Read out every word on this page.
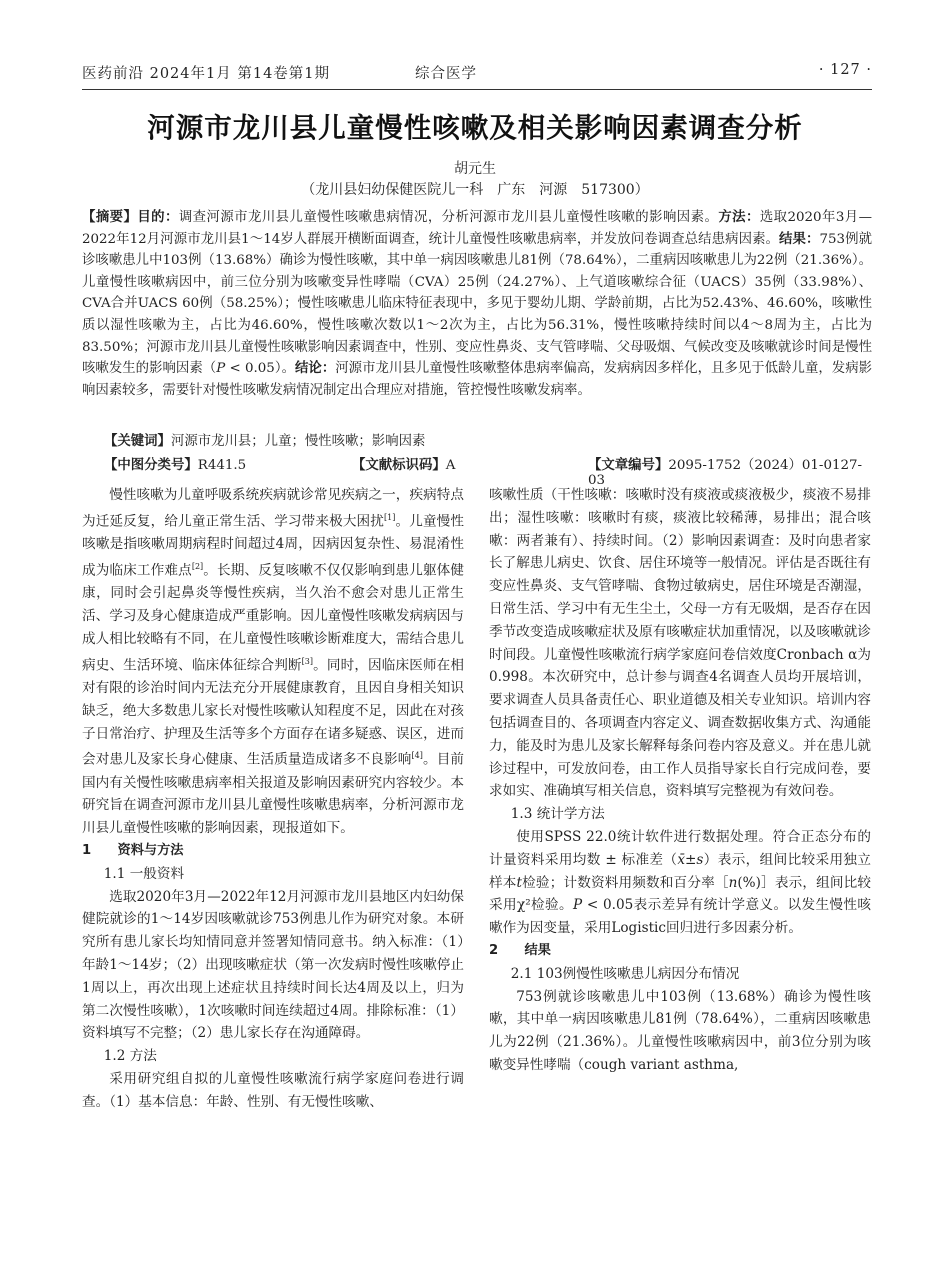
医药前沿 2024年1月 第14卷第1期	综合医学	· 127 ·
河源市龙川县儿童慢性咳嗽及相关影响因素调查分析
胡元生
（龙川县妇幼保健医院儿一科　广东　河源　517300）
【摘要】目的：调查河源市龙川县儿童慢性咳嗽患病情况，分析河源市龙川县儿童慢性咳嗽的影响因素。方法：选取2020年3月—2022年12月河源市龙川县1～14岁人群展开横断面调查，统计儿童慢性咳嗽患病率，并发放问卷调查总结患病因素。结果：753例就诊咳嗽患儿中103例（13.68%）确诊为慢性咳嗽，其中单一病因咳嗽患儿81例（78.64%），二重病因咳嗽患儿为22例（21.36%）。儿童慢性咳嗽病因中，前三位分别为咳嗽变异性哮喘（CVA）25例（24.27%）、上气道咳嗽综合征（UACS）35例（33.98%）、CVA合并UACS 60例（58.25%）；慢性咳嗽患儿临床特征表现中，多见于婴幼儿期、学龄前期，占比为52.43%、46.60%，咳嗽性质以湿性咳嗽为主，占比为46.60%，慢性咳嗽次数以1～2次为主，占比为56.31%，慢性咳嗽持续时间以4～8周为主，占比为83.50%；河源市龙川县儿童慢性咳嗽影响因素调查中，性别、变应性鼻炎、支气管哮喘、父母吸烟、气候改变及咳嗽就诊时间是慢性咳嗽发生的影响因素（P < 0.05）。结论：河源市龙川县儿童慢性咳嗽整体患病率偏高，发病病因多样化，且多见于低龄儿童，发病影响因素较多，需要针对慢性咳嗽发病情况制定出合理应对措施，管控慢性咳嗽发病率。
【关键词】河源市龙川县；儿童；慢性咳嗽；影响因素
【中图分类号】R441.5	【文献标识码】A	【文章编号】2095-1752（2024）01-0127-03

慢性咳嗽为儿童呼吸系统疾病就诊常见疾病之一，疾病特点为迁延反复，给儿童正常生活、学习带来极大困扰[1]。儿童慢性咳嗽是指咳嗽周期病程时间超过4周，因病因复杂性、易混淆性成为临床工作难点[2]。长期、反复咳嗽不仅仅影响到患儿躯体健康，同时会引起鼻炎等慢性疾病，当久治不愈会对患儿正常生活、学习及身心健康造成严重影响。因儿童慢性咳嗽发病病因与成人相比较略有不同，在儿童慢性咳嗽诊断难度大，需结合患儿病史、生活环境、临床体征综合判断[3]。同时，因临床医师在相对有限的诊治时间内无法充分开展健康教育，且因自身相关知识缺乏，绝大多数患儿家长对慢性咳嗽认知程度不足，因此在对孩子日常治疗、护理及生活等多个方面存在诸多疑惑、误区，进而会对患儿及家长身心健康、生活质量造成诸多不良影响[4]。目前国内有关慢性咳嗽患病率相关报道及影响因素研究内容较少。本研究旨在调查河源市龙川县儿童慢性咳嗽患病率，分析河源市龙川县儿童慢性咳嗽的影响因素，现报道如下。

1　　资料与方法

1.1 一般资料

选取2020年3月—2022年12月河源市龙川县地区内妇幼保健院就诊的1～14岁因咳嗽就诊753例患儿作为研究对象。本研究所有患儿家长均知情同意并签署知情同意书。纳入标准：（1）年龄1～14岁；（2）出现咳嗽症状（第一次发病时慢性咳嗽停止1周以上，再次出现上述症状且持续时间长达4周及以上，归为第二次慢性咳嗽），1次咳嗽时间连续超过4周。排除标准：（1）资料填写不完整；（2）患儿家长存在沟通障碍。

1.2 方法

采用研究组自拟的儿童慢性咳嗽流行病学家庭问卷进行调查。（1）基本信息：年龄、性别、有无慢性咳嗽、

咳嗽性质（干性咳嗽：咳嗽时没有痰液或痰液极少，痰液不易排出；湿性咳嗽：咳嗽时有痰，痰液比较稀薄，易排出；混合咳嗽：两者兼有）、持续时间。（2）影响因素调查：及时向患者家长了解患儿病史、饮食、居住环境等一般情况。评估是否既往有变应性鼻炎、支气管哮喘、食物过敏病史，居住环境是否潮湿，日常生活、学习中有无生尘土，父母一方有无吸烟，是否存在因季节改变造成咳嗽症状及原有咳嗽症状加重情况，以及咳嗽就诊时间段。儿童慢性咳嗽流行病学家庭问卷信效度Cronbach α为0.998。本次研究中，总计参与调查4名调查人员均开展培训，要求调查人员具备责任心、职业道德及相关专业知识。培训内容包括调查目的、各项调查内容定义、调查数据收集方式、沟通能力，能及时为患儿及家长解释每条问卷内容及意义。并在患儿就诊过程中，可发放问卷，由工作人员指导家长自行完成问卷，要求如实、准确填写相关信息，资料填写完整视为有效问卷。

1.3 统计学方法

使用SPSS 22.0统计软件进行数据处理。符合正态分布的计量资料采用均数 ± 标准差（x̄±s）表示，组间比较采用独立样本t检验；计数资料用频数和百分率［n(%)］表示，组间比较采用χ²检验。P < 0.05表示差异有统计学意义。以发生慢性咳嗽作为因变量，采用Logistic回归进行多因素分析。

2　　结果

2.1 103例慢性咳嗽患儿病因分布情况

753例就诊咳嗽患儿中103例（13.68%）确诊为慢性咳嗽，其中单一病因咳嗽患儿81例（78.64%），二重病因咳嗽患儿为22例（21.36%）。儿童慢性咳嗽病因中，前3位分别为咳嗽变异性哮喘（cough variant asthma,
